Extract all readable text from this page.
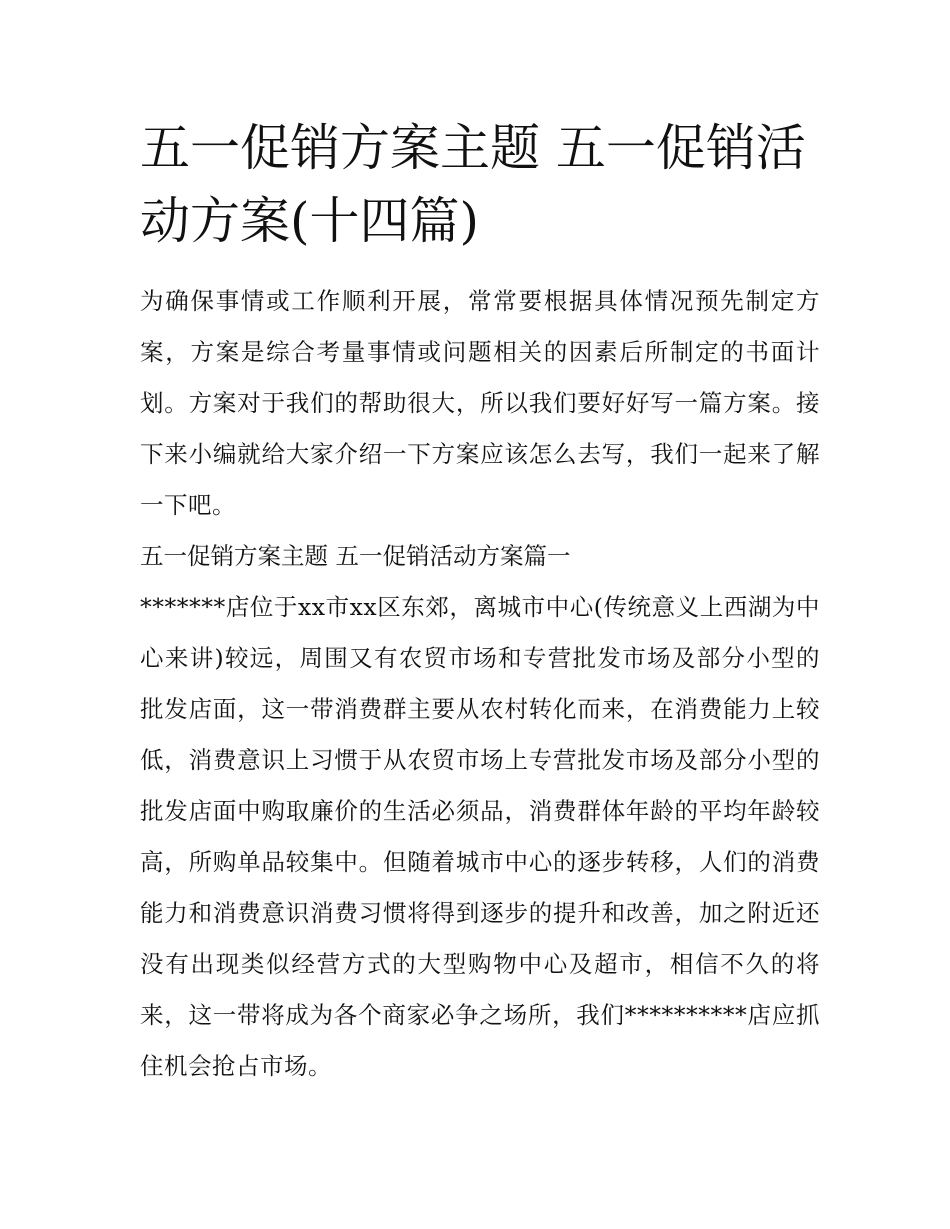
五一促销方案主题 五一促销活动方案(十四篇)

为确保事情或工作顺利开展，常常要根据具体情况预先制定方案，方案是综合考量事情或问题相关的因素后所制定的书面计划。方案对于我们的帮助很大，所以我们要好好写一篇方案。接下来小编就给大家介绍一下方案应该怎么去写，我们一起来了解一下吧。

五一促销方案主题 五一促销活动方案篇一

*******店位于xx市xx区东郊，离城市中心(传统意义上西湖为中心来讲)较远，周围又有农贸市场和专营批发市场及部分小型的批发店面，这一带消费群主要从农村转化而来，在消费能力上较低，消费意识上习惯于从农贸市场上专营批发市场及部分小型的批发店面中购取廉价的生活必须品，消费群体年龄的平均年龄较高，所购单品较集中。但随着城市中心的逐步转移，人们的消费能力和消费意识消费习惯将得到逐步的提升和改善，加之附近还没有出现类似经营方式的大型购物中心及超市，相信不久的将来，这一带将成为各个商家必争之场所，我们**********店应抓住机会抢占市场。
